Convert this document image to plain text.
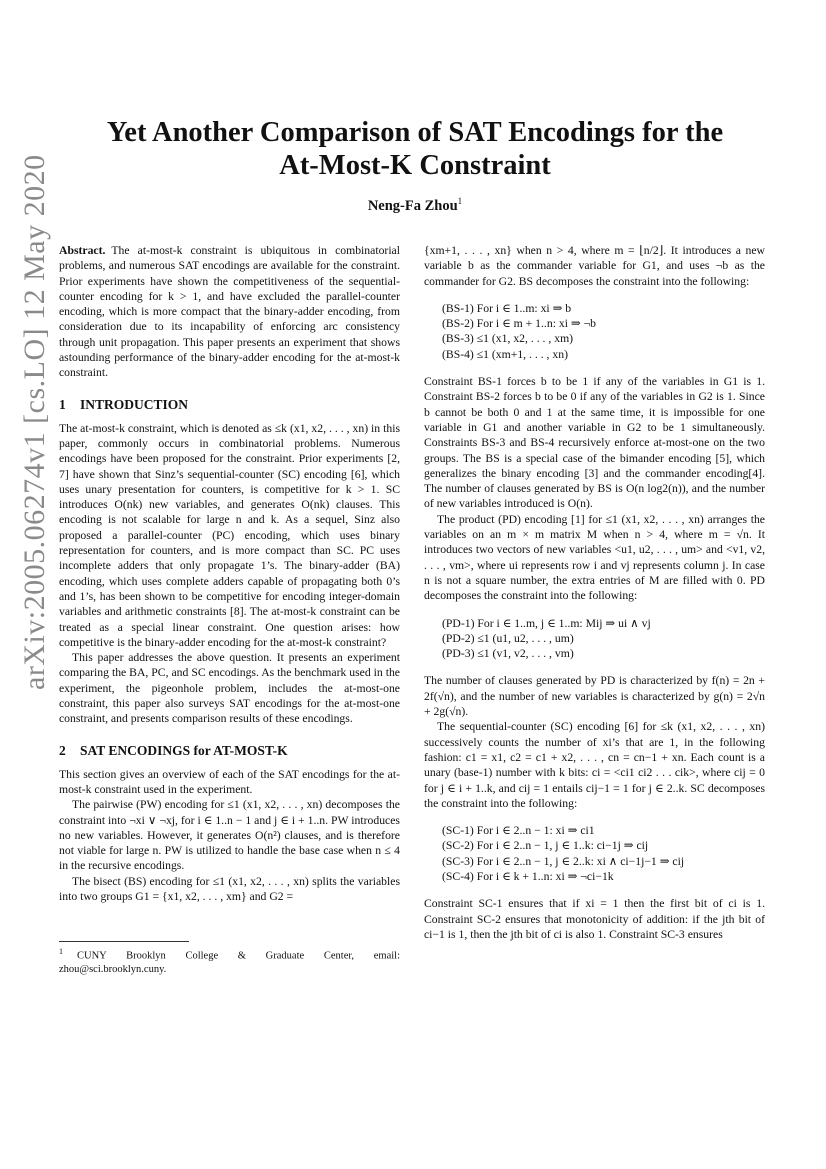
arXiv:2005.06274v1 [cs.LO] 12 May 2020
Yet Another Comparison of SAT Encodings for the
At-Most-K Constraint
Neng-Fa Zhou$^1$

Abstract. The at-most-k constraint is ubiquitous in combinatorial problems, and numerous SAT encodings are available for the constraint. Prior experiments have shown the competitiveness of the sequential-counter encoding for k > 1, and have excluded the parallel-counter encoding, which is more compact that the binary-adder encoding, from consideration due to its incapability of enforcing arc consistency through unit propagation. This paper presents an experiment that shows astounding performance of the binary-adder encoding for the at-most-k constraint.

1 INTRODUCTION

The at-most-k constraint, which is denoted as ≤k (x1, x2, . . . , xn) in this paper, commonly occurs in combinatorial problems. Numerous encodings have been proposed for the constraint. Prior experiments [2, 7] have shown that Sinz’s sequential-counter (SC) encoding [6], which uses unary presentation for counters, is competitive for k > 1. SC introduces O(nk) new variables, and generates O(nk) clauses. This encoding is not scalable for large n and k. As a sequel, Sinz also proposed a parallel-counter (PC) encoding, which uses binary representation for counters, and is more compact than SC. PC uses incomplete adders that only propagate 1’s. The binary-adder (BA) encoding, which uses complete adders capable of propagating both 0’s and 1’s, has been shown to be competitive for encoding integer-domain variables and arithmetic constraints [8]. The at-most-k constraint can be treated as a special linear constraint. One question arises: how competitive is the binary-adder encoding for the at-most-k constraint?

This paper addresses the above question. It presents an experiment comparing the BA, PC, and SC encodings. As the benchmark used in the experiment, the pigeonhole problem, includes the at-most-one constraint, this paper also surveys SAT encodings for the at-most-one constraint, and presents comparison results of these encodings.

2 SAT ENCODINGS for AT-MOST-K

This section gives an overview of each of the SAT encodings for the at-most-k constraint used in the experiment.

The pairwise (PW) encoding for ≤1 (x1, x2, . . . , xn) decomposes the constraint into ¬xi ∨ ¬xj, for i ∈ 1..n − 1 and j ∈ i + 1..n. PW introduces no new variables. However, it generates O(n²) clauses, and is therefore not viable for large n. PW is utilized to handle the base case when n ≤ 4 in the recursive encodings.

The bisect (BS) encoding for ≤1 (x1, x2, . . . , xn) splits the variables into two groups G1 = {x1, x2, . . . , xm} and G2 =

$^1$ CUNY Brooklyn College & Graduate Center, email: zhou@sci.brooklyn.cuny.

{xm+1, . . . , xn} when n > 4, where m = ⌊n/2⌋. It introduces a new variable b as the commander variable for G1, and uses ¬b as the commander for G2. BS decomposes the constraint into the following:

(BS-1) For i ∈ 1..m: xi ⇒ b
(BS-2) For i ∈ m + 1..n: xi ⇒ ¬b
(BS-3) ≤1 (x1, x2, . . . , xm)
(BS-4) ≤1 (xm+1, . . . , xn)

Constraint BS-1 forces b to be 1 if any of the variables in G1 is 1. Constraint BS-2 forces b to be 0 if any of the variables in G2 is 1. Since b cannot be both 0 and 1 at the same time, it is impossible for one variable in G1 and another variable in G2 to be 1 simultaneously. Constraints BS-3 and BS-4 recursively enforce at-most-one on the two groups. The BS is a special case of the bimander encoding [5], which generalizes the binary encoding [3] and the commander encoding[4]. The number of clauses generated by BS is O(n log2(n)), and the number of new variables introduced is O(n).

The product (PD) encoding [1] for ≤1 (x1, x2, . . . , xn) arranges the variables on an m × m matrix M when n > 4, where m = √n. It introduces two vectors of new variables <u1, u2, . . . , um> and <v1, v2, . . . , vm>, where ui represents row i and vj represents column j. In case n is not a square number, the extra entries of M are filled with 0. PD decomposes the constraint into the following:

(PD-1) For i ∈ 1..m, j ∈ 1..m: Mij ⇒ ui ∧ vj
(PD-2) ≤1 (u1, u2, . . . , um)
(PD-3) ≤1 (v1, v2, . . . , vm)

The number of clauses generated by PD is characterized by f(n) = 2n + 2f(√n), and the number of new variables is characterized by g(n) = 2√n + 2g(√n).

The sequential-counter (SC) encoding [6] for ≤k (x1, x2, . . . , xn) successively counts the number of xi’s that are 1, in the following fashion: c1 = x1, c2 = c1 + x2, . . . , cn = cn−1 + xn. Each count is a unary (base-1) number with k bits: ci = <ci1 ci2 . . . cik>, where cij = 0 for j ∈ i + 1..k, and cij = 1 entails cij−1 = 1 for j ∈ 2..k. SC decomposes the constraint into the following:

(SC-1) For i ∈ 2..n − 1: xi ⇒ ci1
(SC-2) For i ∈ 2..n − 1, j ∈ 1..k: ci−1j ⇒ cij
(SC-3) For i ∈ 2..n − 1, j ∈ 2..k: xi ∧ ci−1j−1 ⇒ cij
(SC-4) For i ∈ k + 1..n: xi ⇒ ¬ci−1k

Constraint SC-1 ensures that if xi = 1 then the first bit of ci is 1. Constraint SC-2 ensures that monotonicity of addition: if the jth bit of ci−1 is 1, then the jth bit of ci is also 1. Constraint SC-3 ensures
